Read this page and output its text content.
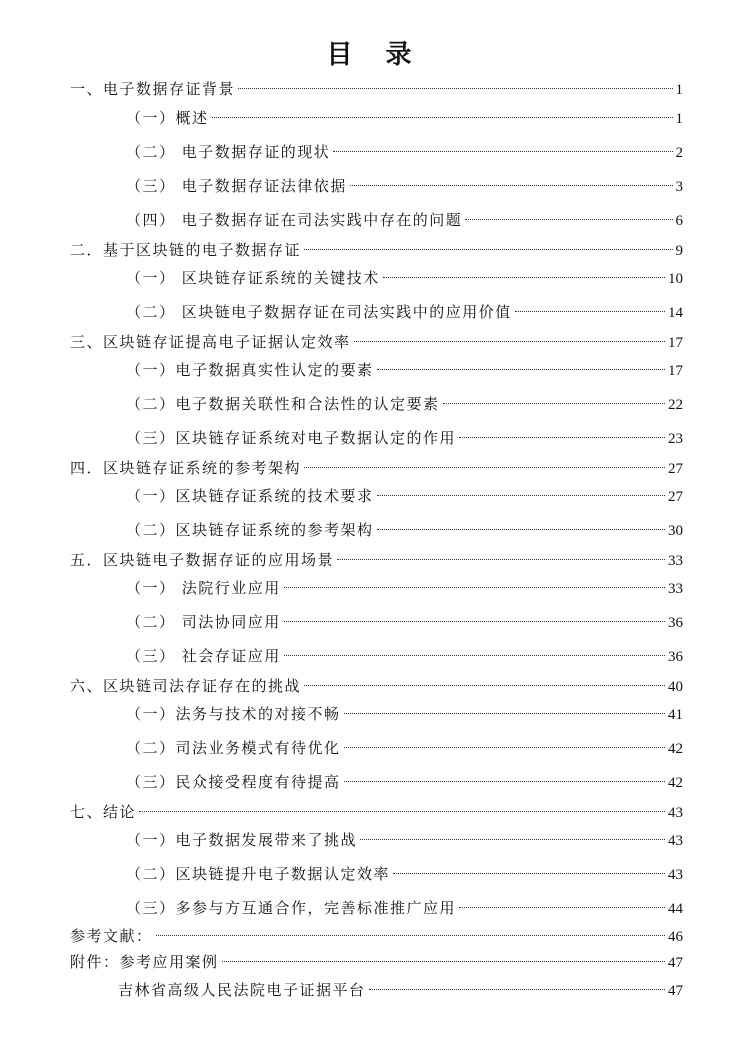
目 录
一、电子数据存证背景	1
（一）概述	1
（二） 电子数据存证的现状	2
（三） 电子数据存证法律依据	3
（四） 电子数据存证在司法实践中存在的问题	6
二．基于区块链的电子数据存证	9
（一） 区块链存证系统的关键技术	10
（二） 区块链电子数据存证在司法实践中的应用价值	14
三、区块链存证提高电子证据认定效率	17
（一）电子数据真实性认定的要素	17
（二）电子数据关联性和合法性的认定要素	22
（三）区块链存证系统对电子数据认定的作用	23
四．区块链存证系统的参考架构	27
（一）区块链存证系统的技术要求	27
（二）区块链存证系统的参考架构	30
五．区块链电子数据存证的应用场景	33
（一） 法院行业应用	33
（二） 司法协同应用	36
（三） 社会存证应用	36
六、区块链司法存证存在的挑战	40
（一）法务与技术的对接不畅	41
（二）司法业务模式有待优化	42
（三）民众接受程度有待提高	42
七、结论	43
（一）电子数据发展带来了挑战	43
（二）区块链提升电子数据认定效率	43
（三）多参与方互通合作，完善标准推广应用	44
参考文献：	46
附件：参考应用案例	47
吉林省高级人民法院电子证据平台	47
